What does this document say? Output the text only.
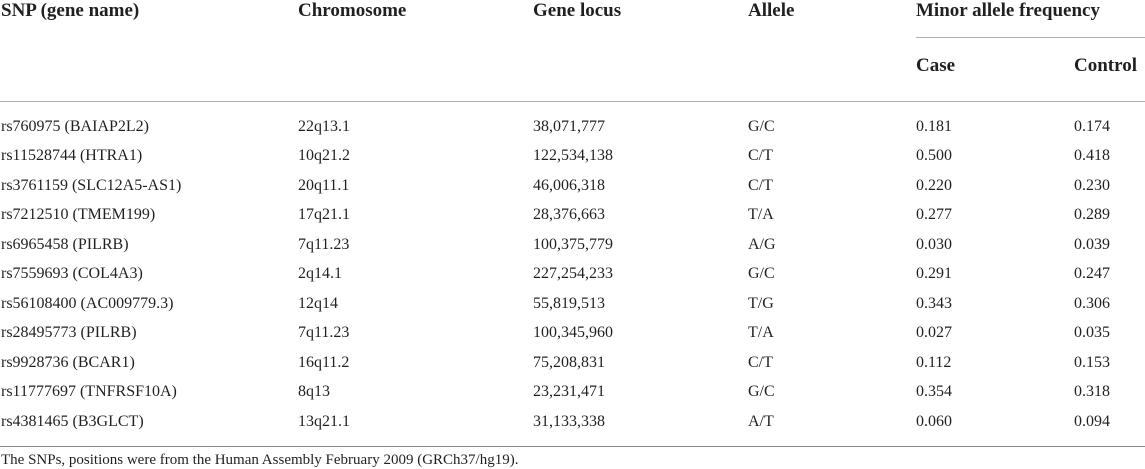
SNP (gene name)	Chromosome	Gene locus	Allele	Minor allele frequency	
				Case	Control
rs760975 (BAIAP2L2)	22q13.1	38,071,777	G/C	0.181	0.174
rs11528744 (HTRA1)	10q21.2	122,534,138	C/T	0.500	0.418
rs3761159 (SLC12A5-AS1)	20q11.1	46,006,318	C/T	0.220	0.230
rs7212510 (TMEM199)	17q21.1	28,376,663	T/A	0.277	0.289
rs6965458 (PILRB)	7q11.23	100,375,779	A/G	0.030	0.039
rs7559693 (COL4A3)	2q14.1	227,254,233	G/C	0.291	0.247
rs56108400 (AC009779.3)	12q14	55,819,513	T/G	0.343	0.306
rs28495773 (PILRB)	7q11.23	100,345,960	T/A	0.027	0.035
rs9928736 (BCAR1)	16q11.2	75,208,831	C/T	0.112	0.153
rs11777697 (TNFRSF10A)	8q13	23,231,471	G/C	0.354	0.318
rs4381465 (B3GLCT)	13q21.1	31,133,338	A/T	0.060	0.094
The SNPs, positions were from the Human Assembly February 2009 (GRCh37/hg19).
